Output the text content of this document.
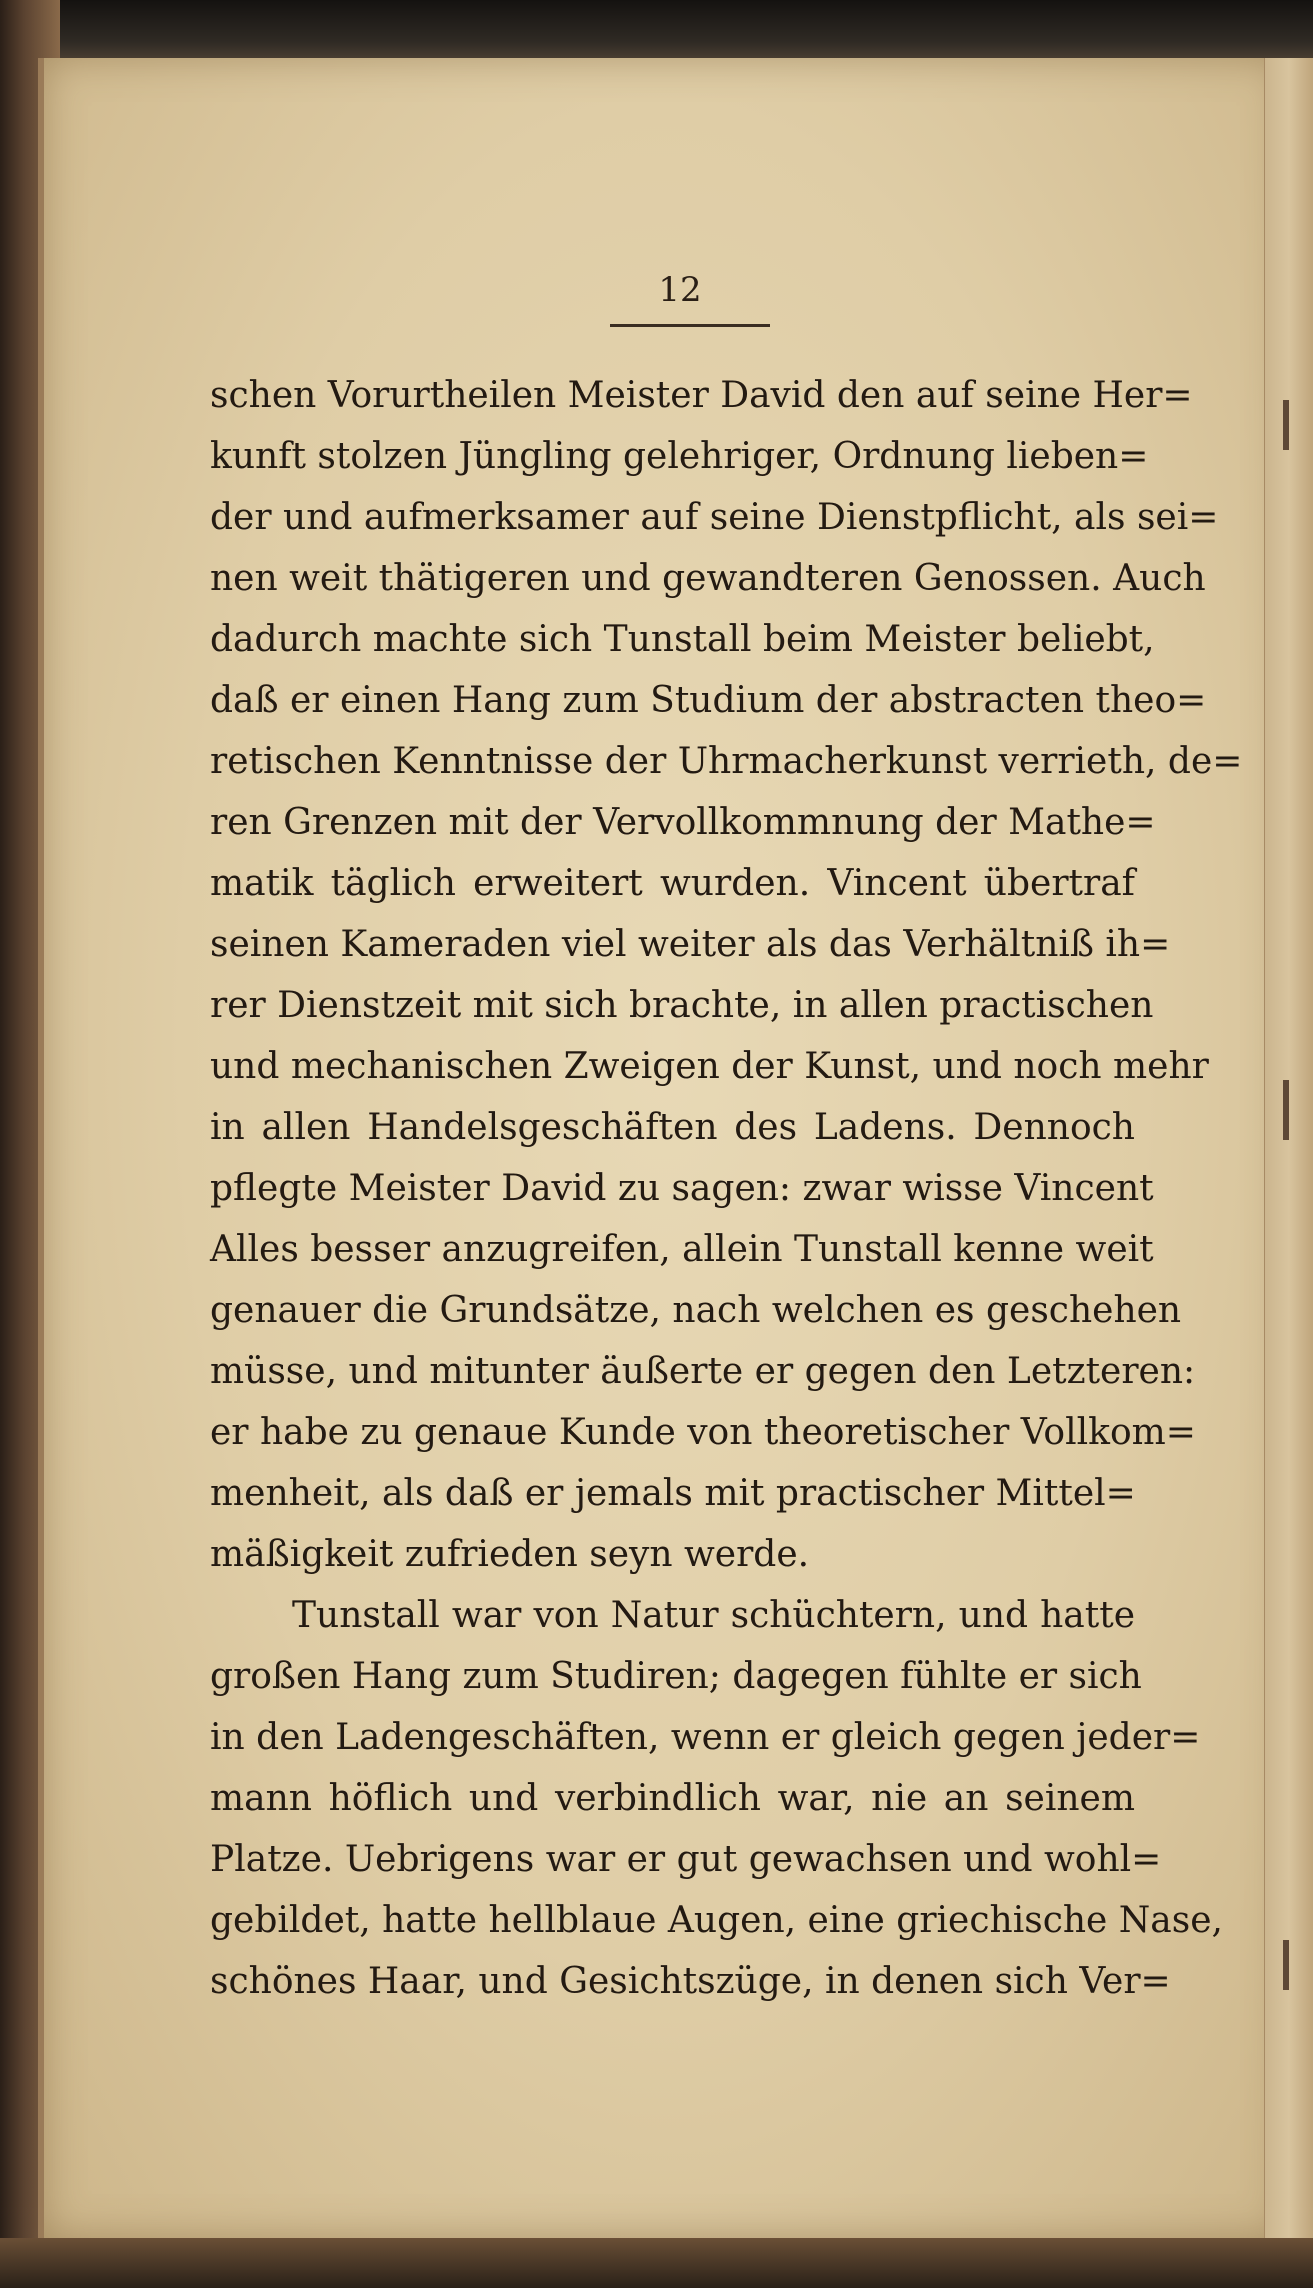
12
schen Vorurtheilen Meister David den auf seine Her=
kunft stolzen Jüngling gelehriger, Ordnung lieben=
der und aufmerksamer auf seine Dienstpflicht, als sei=
nen weit thätigeren und gewandteren Genossen. Auch
dadurch machte sich Tunstall beim Meister beliebt,
daß er einen Hang zum Studium der abstracten theo=
retischen Kenntnisse der Uhrmacherkunst verrieth, de=
ren Grenzen mit der Vervollkommnung der Mathe=
matik täglich erweitert wurden. Vincent übertraf
seinen Kameraden viel weiter als das Verhältniß ih=
rer Dienstzeit mit sich brachte, in allen practischen
und mechanischen Zweigen der Kunst, und noch mehr
in allen Handelsgeschäften des Ladens. Dennoch
pflegte Meister David zu sagen: zwar wisse Vincent
Alles besser anzugreifen, allein Tunstall kenne weit
genauer die Grundsätze, nach welchen es geschehen
müsse, und mitunter äußerte er gegen den Letzteren:
er habe zu genaue Kunde von theoretischer Vollkom=
menheit, als daß er jemals mit practischer Mittel=
mäßigkeit zufrieden seyn werde.
Tunstall war von Natur schüchtern, und hatte
großen Hang zum Studiren; dagegen fühlte er sich
in den Ladengeschäften, wenn er gleich gegen jeder=
mann höflich und verbindlich war, nie an seinem
Platze. Uebrigens war er gut gewachsen und wohl=
gebildet, hatte hellblaue Augen, eine griechische Nase,
schönes Haar, und Gesichtszüge, in denen sich Ver=
